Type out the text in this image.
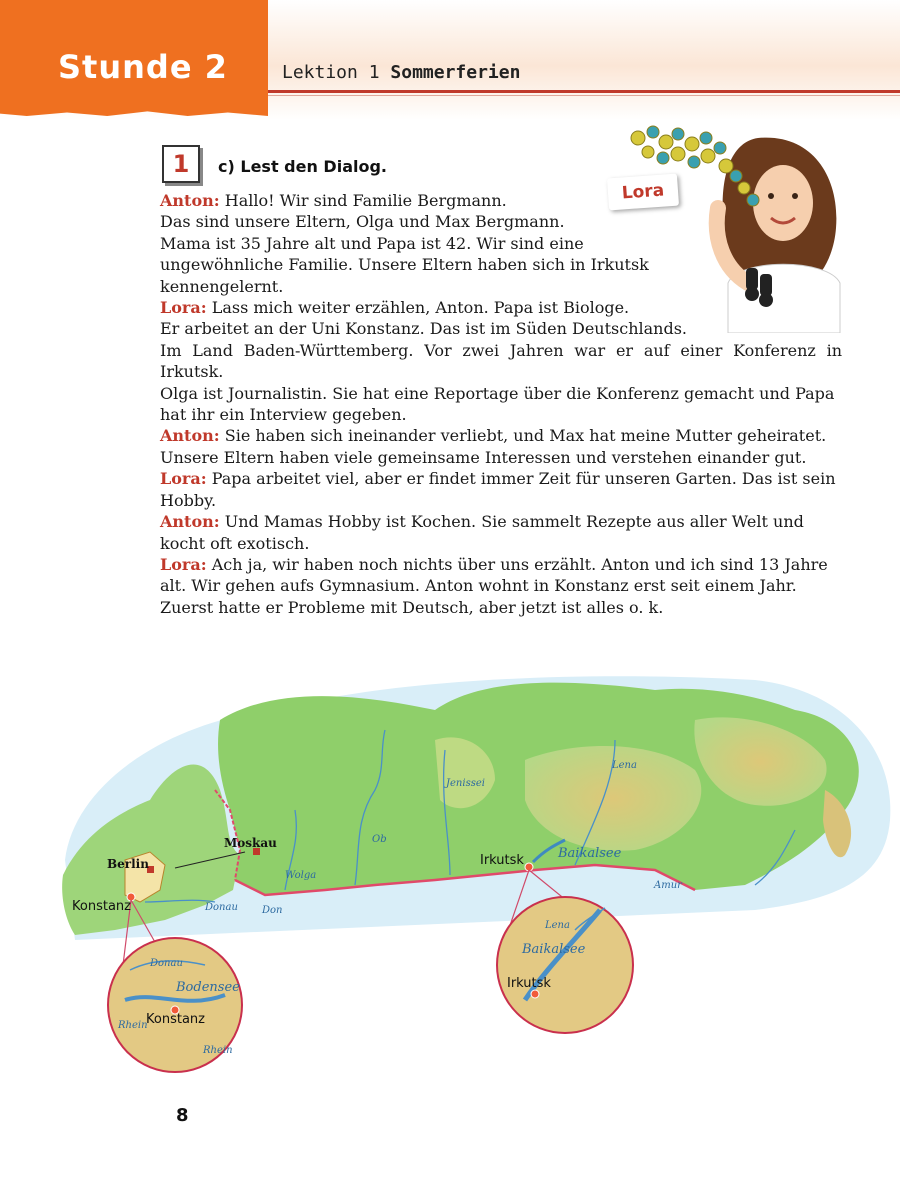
Stunde 2	Lektion 1 Sommerferien
1	c) Lest den Dialog.
Lora
Anton: Hallo! Wir sind Familie Bergmann.
Das sind unsere Eltern, Olga und Max Bergmann.
Mama ist 35 Jahre alt und Papa ist 42. Wir sind eine
ungewöhnliche Familie. Unsere Eltern haben sich in Irkutsk
kennengelernt.
Lora: Lass mich weiter erzählen, Anton. Papa ist Biologe.
Er arbeitet an der Uni Konstanz. Das ist im Süden Deutschlands.
Im Land Baden-Württemberg. Vor zwei Jahren war er auf einer Konferenz in Irkutsk.
Olga ist Journalistin. Sie hat eine Reportage über die Konferenz gemacht und Papa
hat ihr ein Interview gegeben.
Anton: Sie haben sich ineinander verliebt, und Max hat meine Mutter geheiratet.
Unsere Eltern haben viele gemeinsame Interessen und verstehen einander gut.
Lora: Papa arbeitet viel, aber er findet immer Zeit für unseren Garten. Das ist sein
Hobby.
Anton: Und Mamas Hobby ist Kochen. Sie sammelt Rezepte aus aller Welt und
kocht oft exotisch.
Lora: Ach ja, wir haben noch nichts über uns erzählt. Anton und ich sind 13 Jahre
alt. Wir gehen aufs Gymnasium. Anton wohnt in Konstanz erst seit einem Jahr.
Zuerst hatte er Probleme mit Deutsch, aber jetzt ist alles o. k.
Berlin
Moskau
Konstanz
Irkutsk
Donau Don
Wolga
Ob
Jenissei
Lena
Amur
Baikalsee
Donau
Bodensee
Konstanz
Rhein
Rhein
Lena
Baikalsee
Irkutsk
8
